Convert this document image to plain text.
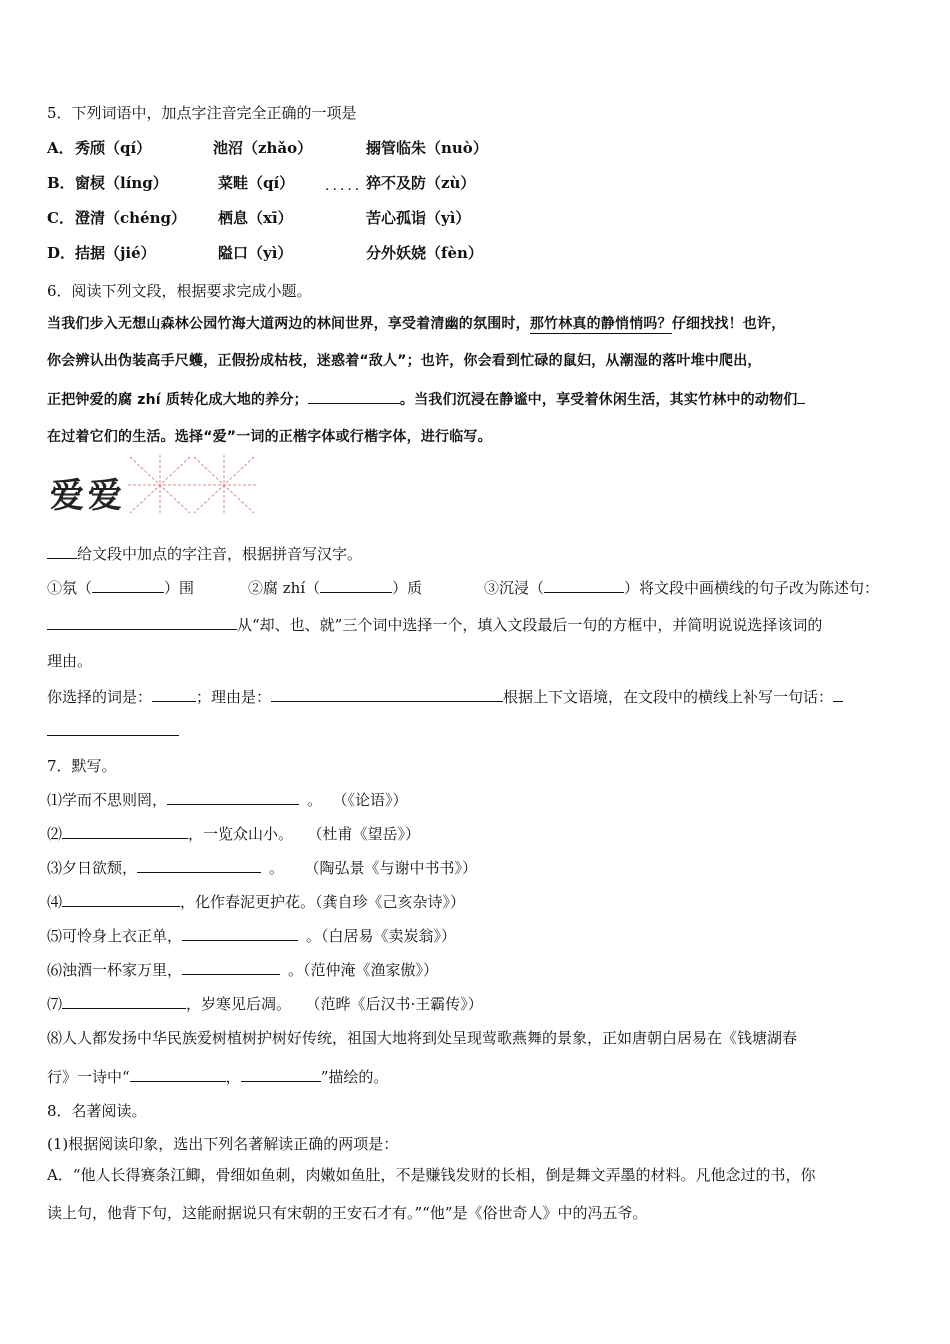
5．下列词语中，加点字注音完全正确的一项是
A． 秀颀（qí）	池沼（zhǎo）	搦管临朱（nuò）
B． 窗棂（líng）	菜畦（qí） ..... 猝不及防（zù）
C． 澄清（chéng） 栖息（xī）	苦心孤诣（yì）
D． 拮据（jié）	隘口（yì）	分外妖娆（fèn）
6．阅读下列文段，根据要求完成小题。
当我们步入无想山森林公园竹海大道两边的林间世界，享受着清幽的氛围时，那竹林真的静悄悄吗？仔细找找！也许，
你会辨认出伪装高手尺蠖，正假扮成枯枝，迷惑着“敌人”；也许，你会看到忙碌的鼠妇，从潮湿的落叶堆中爬出，
正把钟爱的腐 zhí 质转化成大地的养分；	。当我们沉浸在静谧中，享受着休闲生活，其实竹林中的动物们
在过着它们的生活。选择“爱”一词的正楷字体或行楷字体，进行临写。
爱爱
给文段中加点的字注音，根据拼音写汉字。
①氛（	）围	②腐 zhí（	）质	③沉浸（	）将文段中画横线的句子改为陈述句：
从“却、也、就”三个词中选择一个，填入文段最后一句的方框中，并简明说说选择该词的
理由。
你选择的词是：	；理由是：	根据上下文语境，在文段中的横线上补写一句话：
7．默写。
⑴学而不思则罔，	。 （《论语》）
⑵	，一览众山小。 （杜甫《望岳》）
⑶夕日欲颓，	。 （陶弘景《与谢中书书》）
⑷	，化作春泥更护花。（龚自珍《己亥杂诗》）
⑸可怜身上衣正单，	。（白居易《卖炭翁》）
⑹浊酒一杯家万里，	。（范仲淹《渔家傲》）
⑺	，岁寒见后凋。 （范晔《后汉书·王霸传》）
⑻人人都发扬中华民族爱树植树护树好传统，祖国大地将到处呈现莺歌燕舞的景象，正如唐朝白居易在《钱塘湖春
行》一诗中“	，	”描绘的。
8．名著阅读。
(1)根据阅读印象，选出下列名著解读正确的两项是：
A．“他人长得赛条江鲫，骨细如鱼刺，肉嫩如鱼肚，不是赚钱发财的长相，倒是舞文弄墨的材料。凡他念过的书，你
读上句，他背下句，这能耐据说只有宋朝的王安石才有。”“他”是《俗世奇人》中的冯五爷。
